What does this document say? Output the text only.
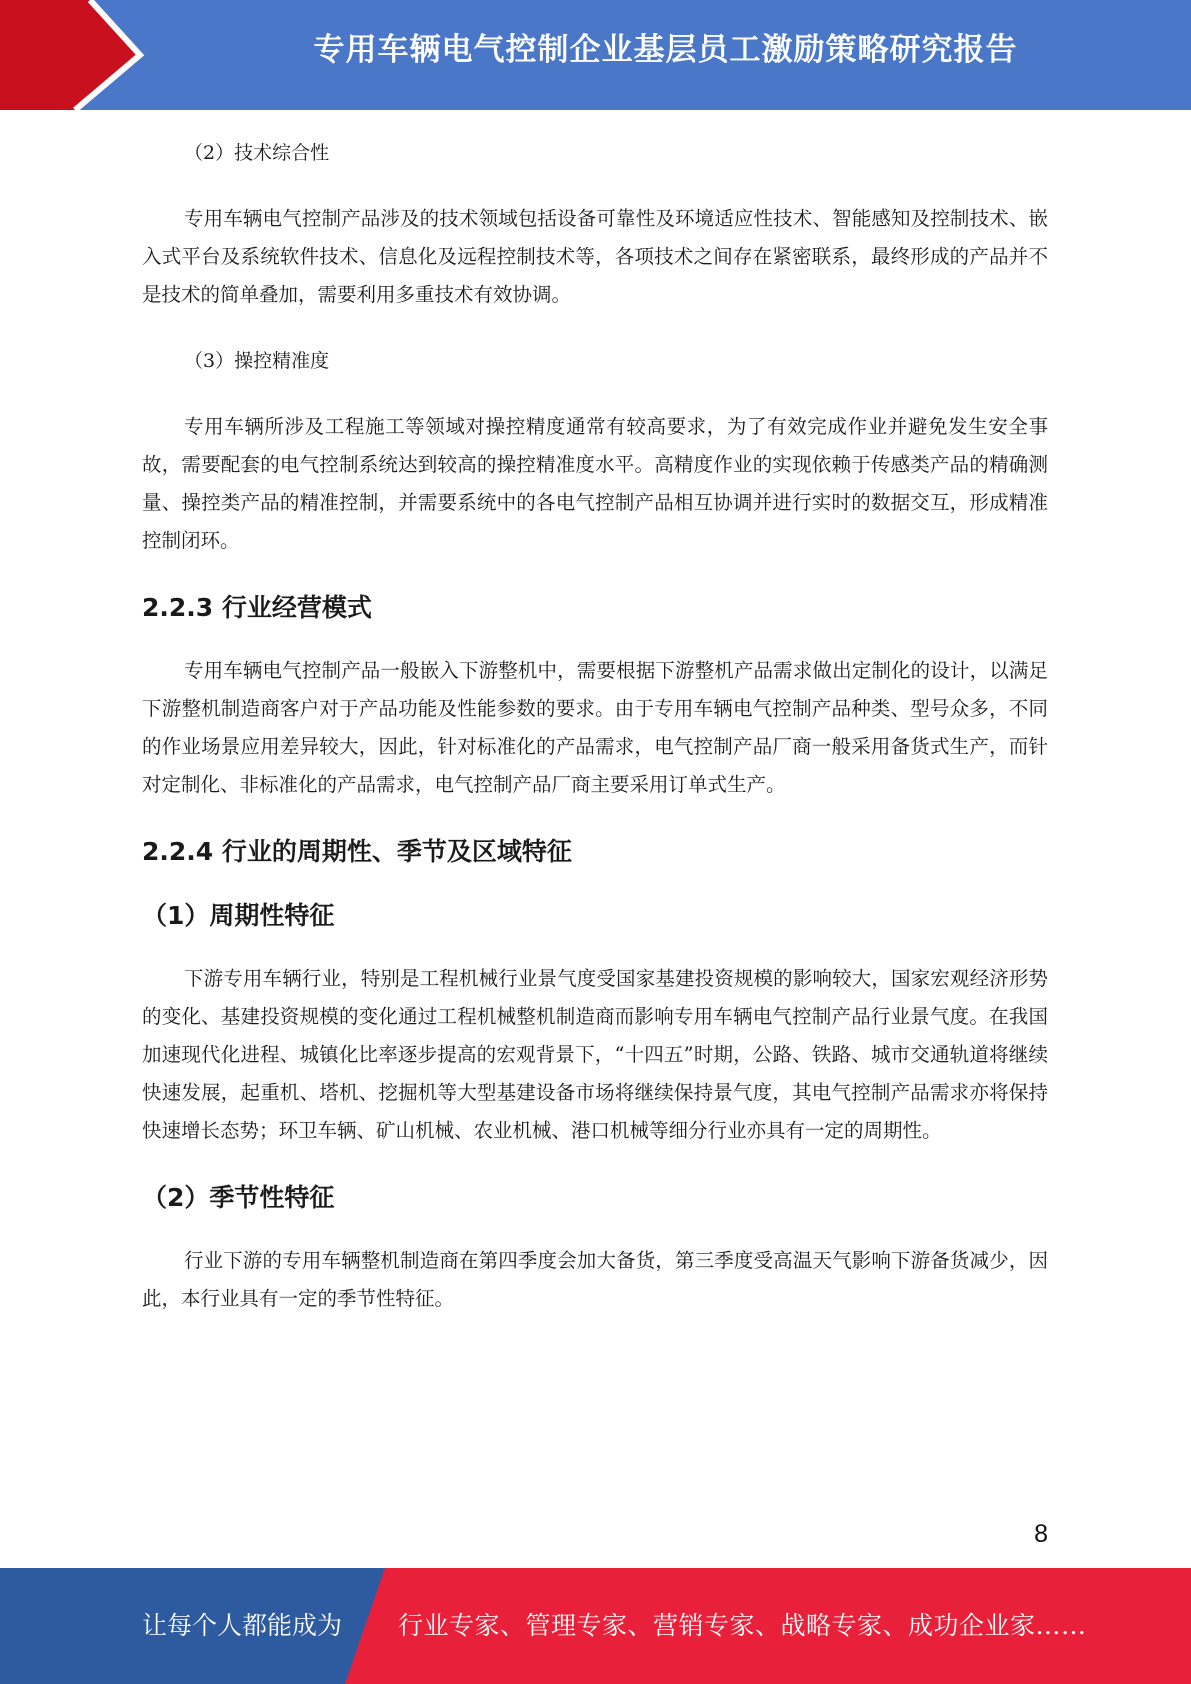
专用车辆电气控制企业基层员工激励策略研究报告

（2）技术综合性

专用车辆电气控制产品涉及的技术领域包括设备可靠性及环境适应性技术、智能感知及控制技术、嵌入式平台及系统软件技术、信息化及远程控制技术等，各项技术之间存在紧密联系，最终形成的产品并不是技术的简单叠加，需要利用多重技术有效协调。

（3）操控精准度

专用车辆所涉及工程施工等领域对操控精度通常有较高要求，为了有效完成作业并避免发生安全事故，需要配套的电气控制系统达到较高的操控精准度水平。高精度作业的实现依赖于传感类产品的精确测量、操控类产品的精准控制，并需要系统中的各电气控制产品相互协调并进行实时的数据交互，形成精准控制闭环。

2.2.3 行业经营模式

专用车辆电气控制产品一般嵌入下游整机中，需要根据下游整机产品需求做出定制化的设计，以满足下游整机制造商客户对于产品功能及性能参数的要求。由于专用车辆电气控制产品种类、型号众多，不同的作业场景应用差异较大，因此，针对标准化的产品需求，电气控制产品厂商一般采用备货式生产，而针对定制化、非标准化的产品需求，电气控制产品厂商主要采用订单式生产。

2.2.4 行业的周期性、季节及区域特征

（1）周期性特征

下游专用车辆行业，特别是工程机械行业景气度受国家基建投资规模的影响较大，国家宏观经济形势的变化、基建投资规模的变化通过工程机械整机制造商而影响专用车辆电气控制产品行业景气度。在我国加速现代化进程、城镇化比率逐步提高的宏观背景下，“十四五”时期，公路、铁路、城市交通轨道将继续快速发展，起重机、塔机、挖掘机等大型基建设备市场将继续保持景气度，其电气控制产品需求亦将保持快速增长态势；环卫车辆、矿山机械、农业机械、港口机械等细分行业亦具有一定的周期性。

（2）季节性特征

行业下游的专用车辆整机制造商在第四季度会加大备货，第三季度受高温天气影响下游备货减少，因此，本行业具有一定的季节性特征。

8
让每个人都能成为 行业专家、管理专家、营销专家、战略专家、成功企业家……
